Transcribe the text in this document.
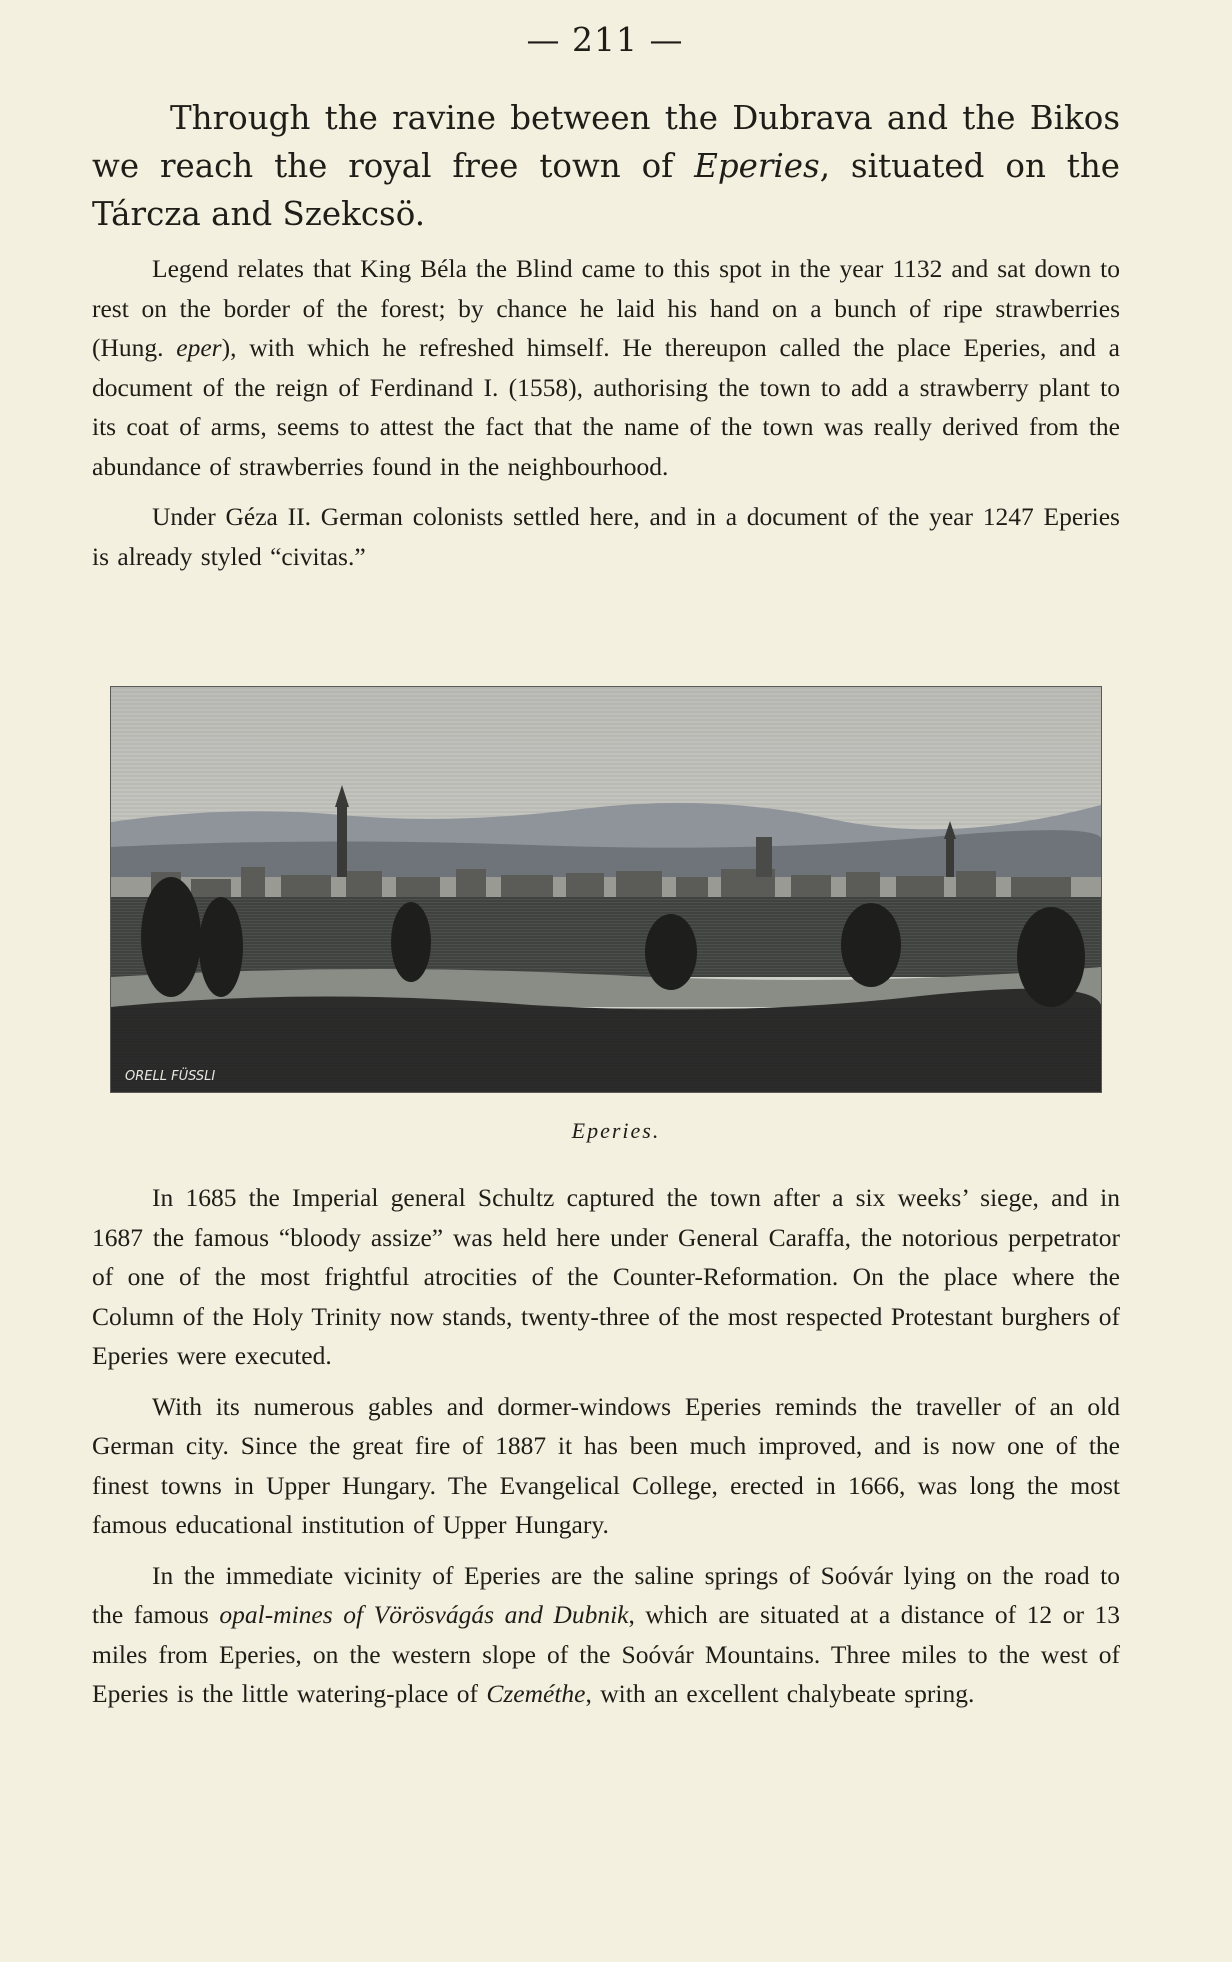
— 211 —

Through the ravine between the Dubrava and the Bikos we reach the royal free town of Eperies, situated on the Tárcza and Szekcsö.

Legend relates that King Béla the Blind came to this spot in the year 1132 and sat down to rest on the border of the forest; by chance he laid his hand on a bunch of ripe strawberries (Hung. eper), with which he refreshed himself. He thereupon called the place Eperies, and a document of the reign of Ferdinand I. (1558), authorising the town to add a strawberry plant to its coat of arms, seems to attest the fact that the name of the town was really derived from the abundance of strawberries found in the neighbourhood.

Under Géza II. German colonists settled here, and in a document of the year 1247 Eperies is already styled “civitas.”

ORELL FÜSSLI
Eperies.

In 1685 the Imperial general Schultz captured the town after a six weeks’ siege, and in 1687 the famous “bloody assize” was held here under General Caraffa, the notorious perpetrator of one of the most frightful atrocities of the Counter-Reformation. On the place where the Column of the Holy Trinity now stands, twenty-three of the most respected Protestant burghers of Eperies were executed.

With its numerous gables and dormer-windows Eperies reminds the traveller of an old German city. Since the great fire of 1887 it has been much improved, and is now one of the finest towns in Upper Hungary. The Evangelical College, erected in 1666, was long the most famous educational institution of Upper Hungary.

In the immediate vicinity of Eperies are the saline springs of Soóvár lying on the road to the famous opal-mines of Vörösvágás and Dubnik, which are situated at a distance of 12 or 13 miles from Eperies, on the western slope of the Soóvár Mountains. Three miles to the west of Eperies is the little watering-place of Czeméthe, with an excellent chalybeate spring.
